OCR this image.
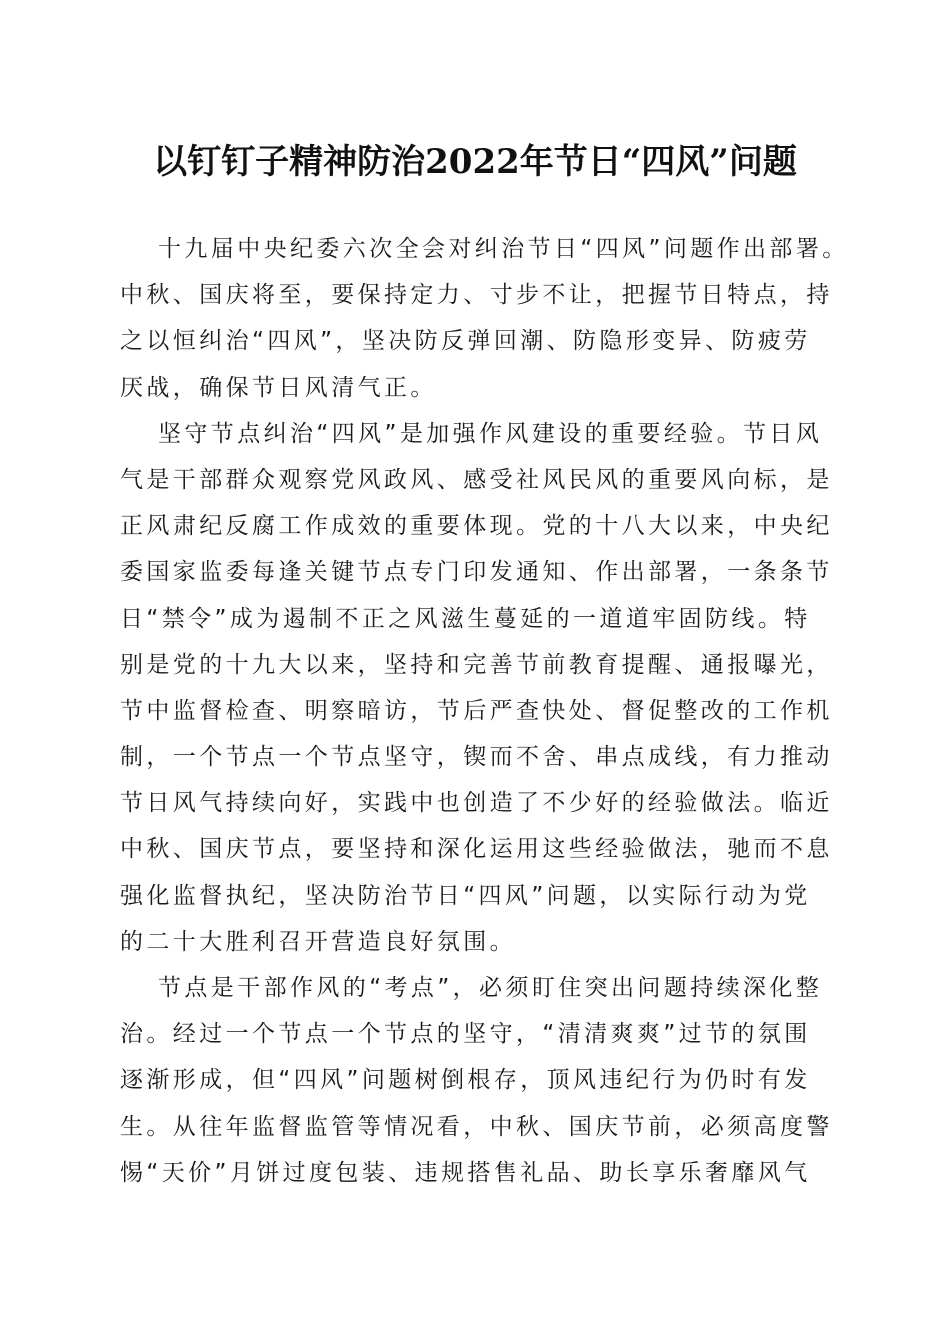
以钉钉子精神防治2022年节日“四风”问题
十九届中央纪委六次全会对纠治节日“四风”问题作出部署。
中秋、国庆将至，要保持定力、寸步不让，把握节日特点，持
之以恒纠治“四风”，坚决防反弹回潮、防隐形变异、防疲劳
厌战，确保节日风清气正。
坚守节点纠治“四风”是加强作风建设的重要经验。节日风
气是干部群众观察党风政风、感受社风民风的重要风向标，是
正风肃纪反腐工作成效的重要体现。党的十八大以来，中央纪
委国家监委每逢关键节点专门印发通知、作出部署，一条条节
日“禁令”成为遏制不正之风滋生蔓延的一道道牢固防线。特
别是党的十九大以来，坚持和完善节前教育提醒、通报曝光，
节中监督检查、明察暗访，节后严查快处、督促整改的工作机
制，一个节点一个节点坚守，锲而不舍、串点成线，有力推动
节日风气持续向好，实践中也创造了不少好的经验做法。临近
中秋、国庆节点，要坚持和深化运用这些经验做法，驰而不息
强化监督执纪，坚决防治节日“四风”问题，以实际行动为党
的二十大胜利召开营造良好氛围。
节点是干部作风的“考点”，必须盯住突出问题持续深化整
治。经过一个节点一个节点的坚守，“清清爽爽”过节的氛围
逐渐形成，但“四风”问题树倒根存，顶风违纪行为仍时有发
生。从往年监督监管等情况看，中秋、国庆节前，必须高度警
惕“天价”月饼过度包装、违规搭售礼品、助长享乐奢靡风气
